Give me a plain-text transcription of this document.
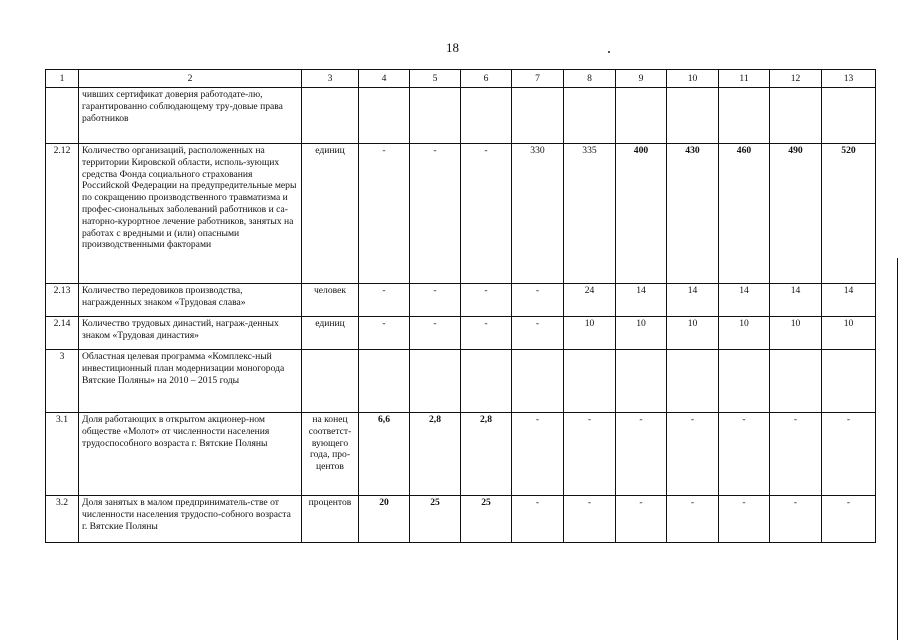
18
1	2	3	4	5	6	7	8	9	10	11	12	13
	чивших сертификат доверия работодате-лю, гарантированно соблюдающему тру-довые права работников											
2.12	Количество организаций, расположенных на территории Кировской области, исполь-зующих средства Фонда социального страхования Российской Федерации на предупредительные меры по сокращению производственного травматизма и профес-сиональных заболеваний работников и са-наторно-курортное лечение работников, занятых на работах с вредными и (или) опасными производственными факторами	единиц	-	-	-	330	335	400	430	460	490	520
2.13	Количество передовиков производства, награжденных знаком «Трудовая слава»	человек	-	-	-	-	24	14	14	14	14	14
2.14	Количество трудовых династий, награж-денных знаком «Трудовая династия»	единиц	-	-	-	-	10	10	10	10	10	10
3	Областная целевая программа «Комплекс-ный инвестиционный план модернизации моногорода Вятские Поляны» на 2010 – 2015 годы											
3.1	Доля работающих в открытом акционер-ном обществе «Молот» от численности населения трудоспособного возраста г. Вятские Поляны	на конец соответст-вующего года, про-центов	6,6	2,8	2,8	-	-	-	-	-	-	-
3.2	Доля занятых в малом предприниматель-стве от численности населения трудоспо-собного возраста г. Вятские Поляны	процентов	20	25	25	-	-	-	-	-	-	-
